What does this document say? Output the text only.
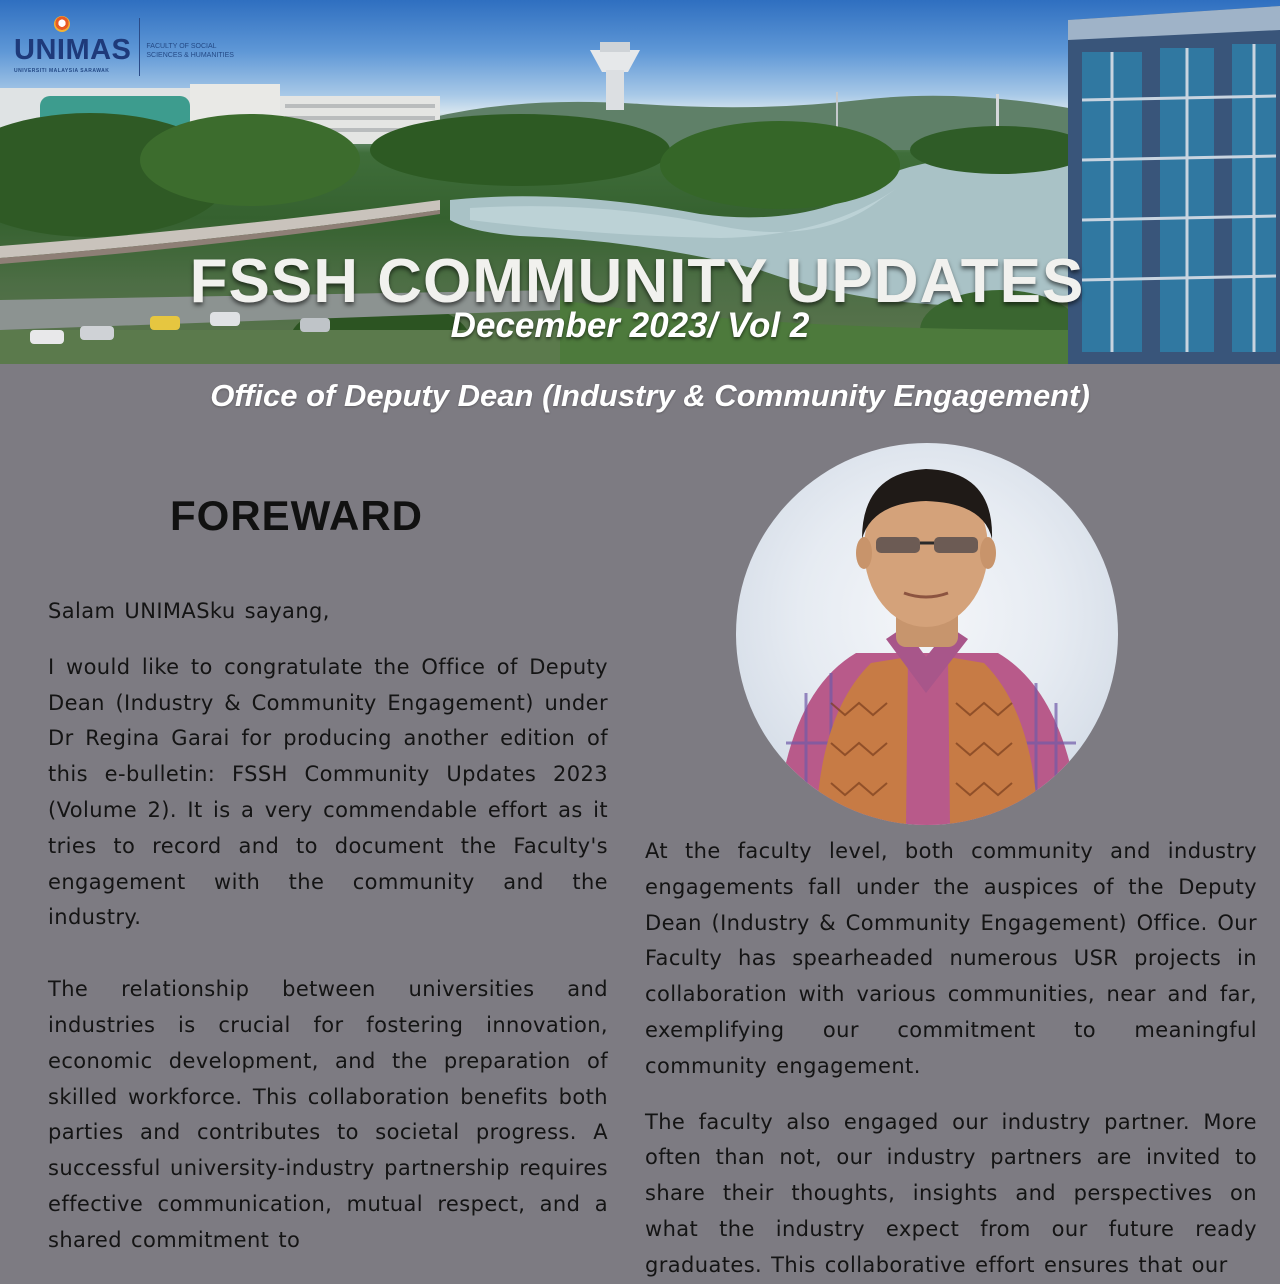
UNIMAS
UNIVERSITI MALAYSIA SARAWAK
FACULTY OF SOCIAL SCIENCES & HUMANITIES
FSSH COMMUNITY UPDATES
December 2023/ Vol 2
Office of Deputy Dean (Industry & Community Engagement)
FOREWARD

Salam UNIMASku sayang,

I would like to congratulate the Office of Deputy Dean (Industry & Community Engagement) under Dr Regina Garai for producing another edition of this e-bulletin: FSSH Community Updates 2023 (Volume 2). It is a very commendable effort as it tries to record and to document the Faculty's engagement with the community and the industry.

The relationship between universities and industries is crucial for fostering innovation, economic development, and the preparation of skilled workforce. This collaboration benefits both parties and contributes to societal progress. A successful university-industry partnership requires effective communication, mutual respect, and a shared commitment to

At the faculty level, both community and industry engagements fall under the auspices of the Deputy Dean (Industry & Community Engagement) Office. Our Faculty has spearheaded numerous USR projects in collaboration with various communities, near and far, exemplifying our commitment to meaningful community engagement.

The faculty also engaged our industry partner. More often than not, our industry partners are invited to share their thoughts, insights and perspectives on what the industry expect from our future ready graduates. This collaborative effort ensures that our
